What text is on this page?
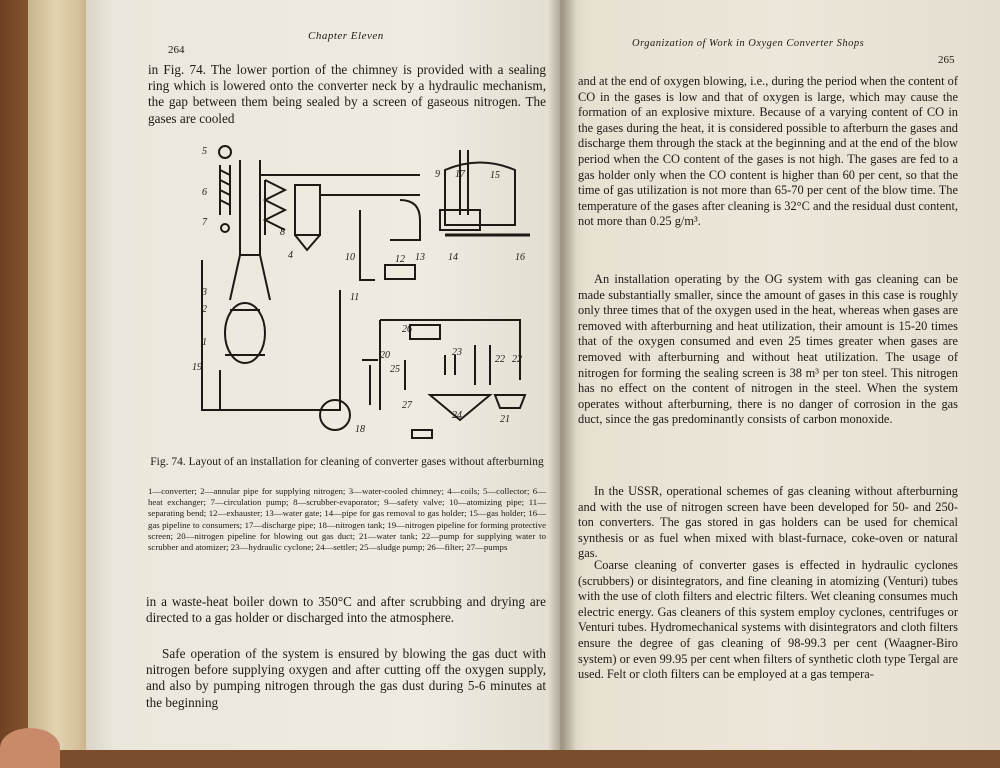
264
Chapter Eleven

in Fig. 74. The lower portion of the chimney is provided with a sealing ring which is lowered onto the converter neck by a hydraulic mechanism, the gap between them being sealed by a screen of gaseous nitrogen. The gases are cooled

5
6
7
3
2
1
19
4
8
9
10
11
12 13 14
15
16
17
18
20
21
22 22
23
24
25
26
27
Fig. 74. Layout of an installation for cleaning of converter gases without afterburning
1—converter; 2—annular pipe for supplying nitrogen; 3—water-cooled chimney; 4—coils; 5—collector; 6—heat exchanger; 7—circulation pump; 8—scrubber-evaporator; 9—safety valve; 10—atomizing pipe; 11—separating bend; 12—exhauster; 13—water gate; 14—pipe for gas removal to gas holder; 15—gas holder; 16—gas pipeline to consumers; 17—discharge pipe; 18—nitrogen tank; 19—nitrogen pipeline for forming protective screen; 20—nitrogen pipeline for blowing out gas duct; 21—water tank; 22—pump for supplying water to scrubber and atomizer; 23—hydraulic cyclone; 24—settler; 25—sludge pump; 26—filter; 27—pumps

in a waste-heat boiler down to 350°C and after scrubbing and drying are directed to a gas holder or discharged into the atmosphere.

Safe operation of the system is ensured by blowing the gas duct with nitrogen before supplying oxygen and after cutting off the oxygen supply, and also by pumping nitrogen through the gas dust during 5-6 minutes at the beginning

Organization of Work in Oxygen Converter Shops
265

and at the end of oxygen blowing, i.e., during the period when the content of CO in the gases is low and that of oxygen is large, which may cause the formation of an explosive mixture. Because of a varying content of CO in the gases during the heat, it is considered possible to afterburn the gases and discharge them through the stack at the beginning and at the end of the blow period when the CO content of the gases is not high. The gases are fed to a gas holder only when the CO content is higher than 60 per cent, so that the time of gas utilization is not more than 65-70 per cent of the blow time. The temperature of the gases after cleaning is 32°C and the residual dust content, not more than 0.25 g/m³.

An installation operating by the OG system with gas cleaning can be made substantially smaller, since the amount of gases in this case is roughly only three times that of the oxygen used in the heat, whereas when gases are removed with afterburning and heat utilization, their amount is 15-20 times that of the oxygen consumed and even 25 times greater when gases are removed with afterburning and without heat utilization. The usage of nitrogen for forming the sealing screen is 38 m³ per ton steel. This nitrogen has no effect on the content of nitrogen in the steel. When the system operates without afterburning, there is no danger of corrosion in the gas duct, since the gas predominantly consists of carbon monoxide.

In the USSR, operational schemes of gas cleaning without afterburning and with the use of nitrogen screen have been developed for 50- and 250-ton converters. The gas stored in gas holders can be used for chemical synthesis or as fuel when mixed with blast-furnace, coke-oven or natural gas.

Coarse cleaning of converter gases is effected in hydraulic cyclones (scrubbers) or disintegrators, and fine cleaning in atomizing (Venturi) tubes with the use of cloth filters and electric filters. Wet cleaning consumes much electric energy. Gas cleaners of this system employ cyclones, centrifuges or Venturi tubes. Hydromechanical systems with disintegrators and cloth filters ensure the degree of gas cleaning of 98-99.3 per cent (Waagner-Biro system) or even 99.95 per cent when filters of synthetic cloth type Tergal are used. Felt or cloth filters can be employed at a gas tempera-
